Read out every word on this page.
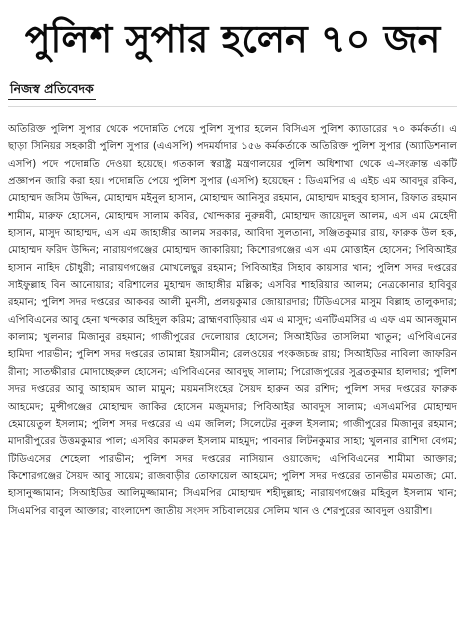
পুলিশ সুপার হলেন ৭০ জন
নিজস্ব প্রতিবেদক

অতিরিক্ত পুলিশ সুপার থেকে পদোন্নতি পেয়ে পুলিশ সুপার হলেন বিসিএস পুলিশ ক্যাডারের ৭০ কর্মকর্তা। এ ছাড়া সিনিয়র সহকারী পুলিশ সুপার (এএসপি) পদমর্যাদার ১৫৬ কর্মকর্তাকে অতিরিক্ত পুলিশ সুপার (অ্যাডিশনাল এসপি) পদে পদোন্নতি দেওয়া হয়েছে। গতকাল স্বরাষ্ট্র মন্ত্রণালয়ের পুলিশ অধিশাখা থেকে এ-সংক্রান্ত একটি প্রজ্ঞাপন জারি করা হয়। পদোন্নতি পেয়ে পুলিশ সুপার (এসপি) হয়েছেন : ডিএমপির এ এইচ এম আবদুর রকিব, মোহাম্মদ জসিম উদ্দিন, মোহাম্মদ মইনুল হাসান, মোহাম্মদ আনিসুর রহমান, মোহাম্মদ মাহবুব হাসান, রিফাত রহমান শামীম, মারুফ হোসেন, মোহাম্মদ সালাম কবির, খোন্দকার নুরুন্নবী, মোহাম্মদ জায়েদুল আলম, এস এম মেহেদী হাসান, মাসুদ আহাম্মদ, এস এম জাহাঙ্গীর আলম সরকার, আবিদা সুলতানা, সঞ্জিতকুমার রায়, ফারুক উল হক, মোহাম্মদ ফরিদ উদ্দিন; নারায়ণগঞ্জের মোহাম্মদ জাকারিয়া; কিশোরগঞ্জের এস এম মোত্তাইন হোসেন; পিবিআইর হাসান নাহিদ চৌধুরী; নারায়ণগঞ্জের মোখলেছুর রহমান; পিবিআইর সিহাব কায়সার খান; পুলিশ সদর দপ্তরের সাইফুল্লাহ বিন আনোয়ার; বরিশালের মুহাম্মদ জাহাঙ্গীর মল্লিক; এসবির শাহরিয়ার আলম; নেত্রকোনার হাবিবুর রহমান; পুলিশ সদর দপ্তরের আকবর আলী মুনসী, প্রলয়কুমার জোয়ারদার; টিডিএসের মাসুম বিল্লাহ তালুকদার; এপিবিএনের আবু হেনা খন্দকার অহিদুল করিম; ব্রাহ্মণবাড়িয়ার এম এ মাসুদ; এনটিএমসির এ এফ এম আনজুমান কালাম; খুলনার মিজানুর রহমান; গাজীপুরের দেলোয়ার হোসেন; সিআইডির তাসলিমা খাতুন; এপিবিএনের হামিদা পারভীন; পুলিশ সদর দপ্তরের তামান্না ইয়াসমীন; রেলওয়ের পংকজচন্দ্র রায়; সিআইডির নাবিলা জাফরিন রীনা; সাতক্ষীরার মোদাচ্ছেরুল হোসেন; এপিবিএনের আবদুছ সালাম; পিরোজপুরের সুব্রতকুমার হালদার; পুলিশ সদর দপ্তরের আবু আহামদ আল মামুন; ময়মনসিংহের সৈয়দ হারুন অর রশিদ; পুলিশ সদর দপ্তরের ফারুক আহমেদ; মুন্সীগঞ্জের মোহাম্মদ জাকির হোসেন মজুমদার; পিবিআইর আবদুস সালাম; এসএমপির মোহাম্মদ হেমায়েতুল ইসলাম; পুলিশ সদর দপ্তরের এ এম জলিল; সিলেটের নুরুল ইসলাম; গাজীপুরের মিজানুর রহমান; মাদারীপুরের উত্তমকুমার পাল; এসবির কামরুল ইসলাম মাহমুদ; পাবনার লিটনকুমার সাহা; খুলনার রাশিদা বেগম; টিডিএসের শেহেলা পারভীন; পুলিশ সদর দপ্তরের নাসিয়ান ওয়াজেদ; এপিবিএনের শামীমা আক্তার; কিশোরগঞ্জের সৈয়দ আবু সায়েম; রাজবাড়ীর তোফায়েল আহমেদ; পুলিশ সদর দপ্তরের তানভীর মমতাজ; মো. হাসানুজ্জামান; সিআইডির আলিমুজ্জামান; সিএমপির মোহাম্মদ শহীদুল্লাহ; নারায়ণগঞ্জের মহিবুল ইসলাম খান; সিএমপির বাবুল আক্তার; বাংলাদেশ জাতীয় সংসদ সচিবালয়ের সেলিম খান ও শেরপুরের আবদুল ওয়ারীশ।
